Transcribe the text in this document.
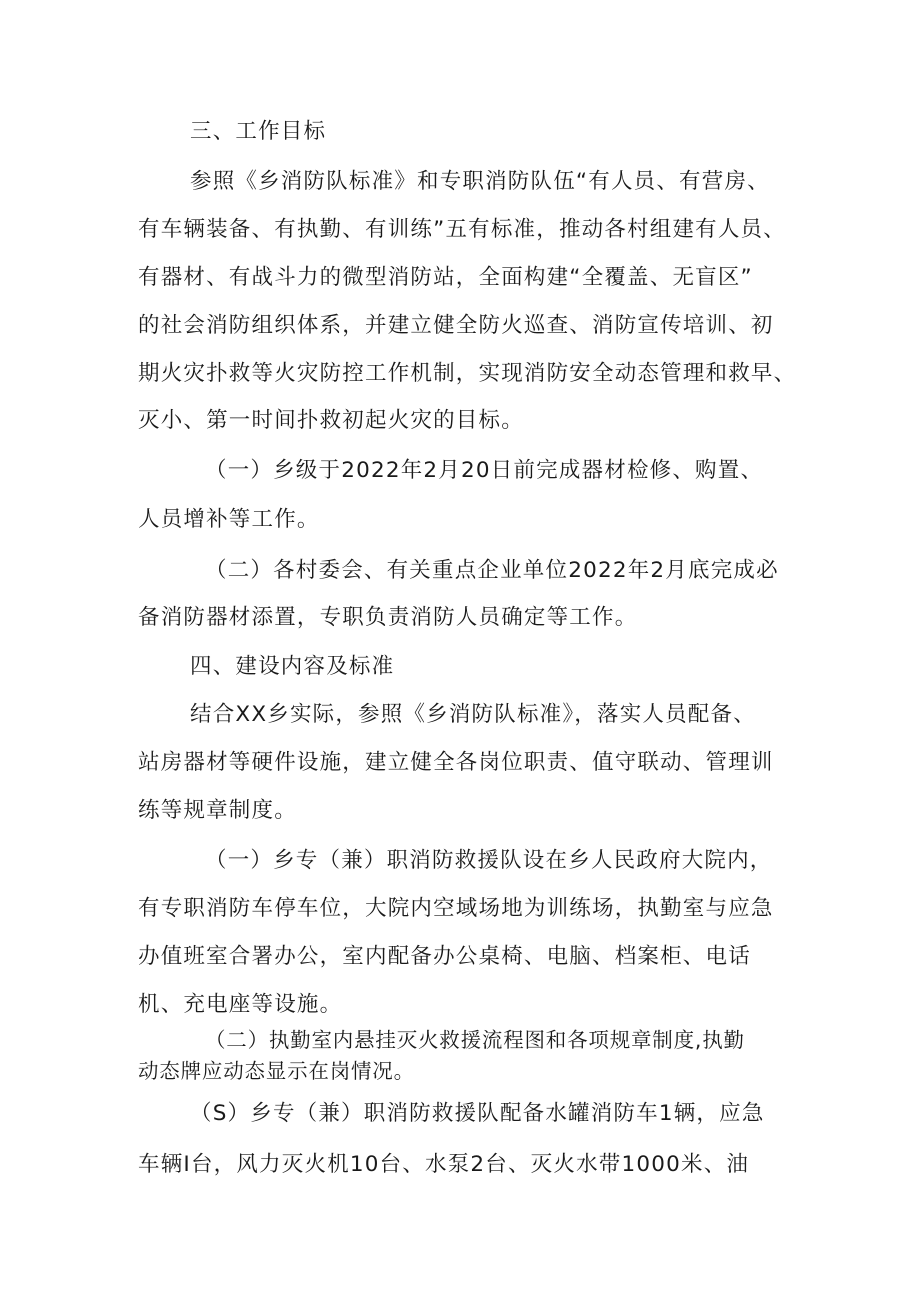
三、工作目标
参照《乡消防队标准》和专职消防队伍“有人员、有营房、
有车辆装备、有执勤、有训练”五有标准，推动各村组建有人员、
有器材、有战斗力的微型消防站，全面构建“全覆盖、无盲区”
的社会消防组织体系，并建立健全防火巡查、消防宣传培训、初
期火灾扑救等火灾防控工作机制，实现消防安全动态管理和救早、
灭小、第一时间扑救初起火灾的目标。
（一）乡级于2022年2月20日前完成器材检修、购置、
人员增补等工作。
（二）各村委会、有关重点企业单位2022年2月底完成必
备消防器材添置，专职负责消防人员确定等工作。
四、建设内容及标准
结合XX乡实际，参照《乡消防队标准》，落实人员配备、
站房器材等硬件设施，建立健全各岗位职责、值守联动、管理训
练等规章制度。
（一）乡专（兼）职消防救援队设在乡人民政府大院内，
有专职消防车停车位，大院内空域场地为训练场，执勤室与应急
办值班室合署办公，室内配备办公桌椅、电脑、档案柜、电话
机、充电座等设施。
（二）执勤室内悬挂灭火救援流程图和各项规章制度,执勤
动态牌应动态显示在岗情况。
（S）乡专（兼）职消防救援队配备水罐消防车1辆，应急
车辆I台，风力灭火机10台、水泵2台、灭火水带1000米、油
